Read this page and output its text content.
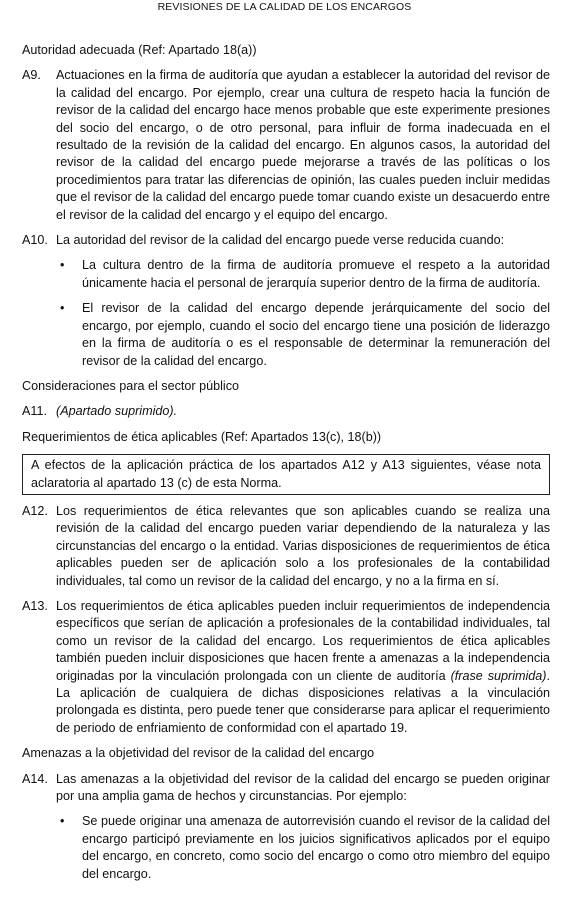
REVISIONES DE LA CALIDAD DE LOS ENCARGOS
Autoridad adecuada (Ref: Apartado 18(a))
A9.	Actuaciones en la firma de auditoría que ayudan a establecer la autoridad del revisor de la calidad del encargo. Por ejemplo, crear una cultura de respeto hacia la función de revisor de la calidad del encargo hace menos probable que este experimente presiones del socio del encargo, o de otro personal, para influir de forma inadecuada en el resultado de la revisión de la calidad del encargo. En algunos casos, la autoridad del revisor de la calidad del encargo puede mejorarse a través de las políticas o los procedimientos para tratar las diferencias de opinión, las cuales pueden incluir medidas que el revisor de la calidad del encargo puede tomar cuando existe un desacuerdo entre el revisor de la calidad del encargo y el equipo del encargo.
A10. La autoridad del revisor de la calidad del encargo puede verse reducida cuando:
•	La cultura dentro de la firma de auditoría promueve el respeto a la autoridad únicamente hacia el personal de jerarquía superior dentro de la firma de auditoría.
•	El revisor de la calidad del encargo depende jerárquicamente del socio del encargo, por ejemplo, cuando el socio del encargo tiene una posición de liderazgo en la firma de auditoría o es el responsable de determinar la remuneración del revisor de la calidad del encargo.
Consideraciones para el sector público
A11. (Apartado suprimido).
Requerimientos de ética aplicables (Ref: Apartados 13(c), 18(b))
A efectos de la aplicación práctica de los apartados A12 y A13 siguientes, véase nota aclaratoria al apartado 13 (c) de esta Norma.
A12. Los requerimientos de ética relevantes que son aplicables cuando se realiza una revisión de la calidad del encargo pueden variar dependiendo de la naturaleza y las circunstancias del encargo o la entidad. Varias disposiciones de requerimientos de ética aplicables pueden ser de aplicación solo a los profesionales de la contabilidad individuales, tal como un revisor de la calidad del encargo, y no a la firma en sí.
A13. Los requerimientos de ética aplicables pueden incluir requerimientos de independencia específicos que serían de aplicación a profesionales de la contabilidad individuales, tal como un revisor de la calidad del encargo. Los requerimientos de ética aplicables también pueden incluir disposiciones que hacen frente a amenazas a la independencia originadas por la vinculación prolongada con un cliente de auditoría (frase suprimida). La aplicación de cualquiera de dichas disposiciones relativas a la vinculación prolongada es distinta, pero puede tener que considerarse para aplicar el requerimiento de periodo de enfriamiento de conformidad con el apartado 19.
Amenazas a la objetividad del revisor de la calidad del encargo
A14. Las amenazas a la objetividad del revisor de la calidad del encargo se pueden originar por una amplia gama de hechos y circunstancias. Por ejemplo:
•	Se puede originar una amenaza de autorrevisión cuando el revisor de la calidad del encargo participó previamente en los juicios significativos aplicados por el equipo del encargo, en concreto, como socio del encargo o como otro miembro del equipo del encargo.
